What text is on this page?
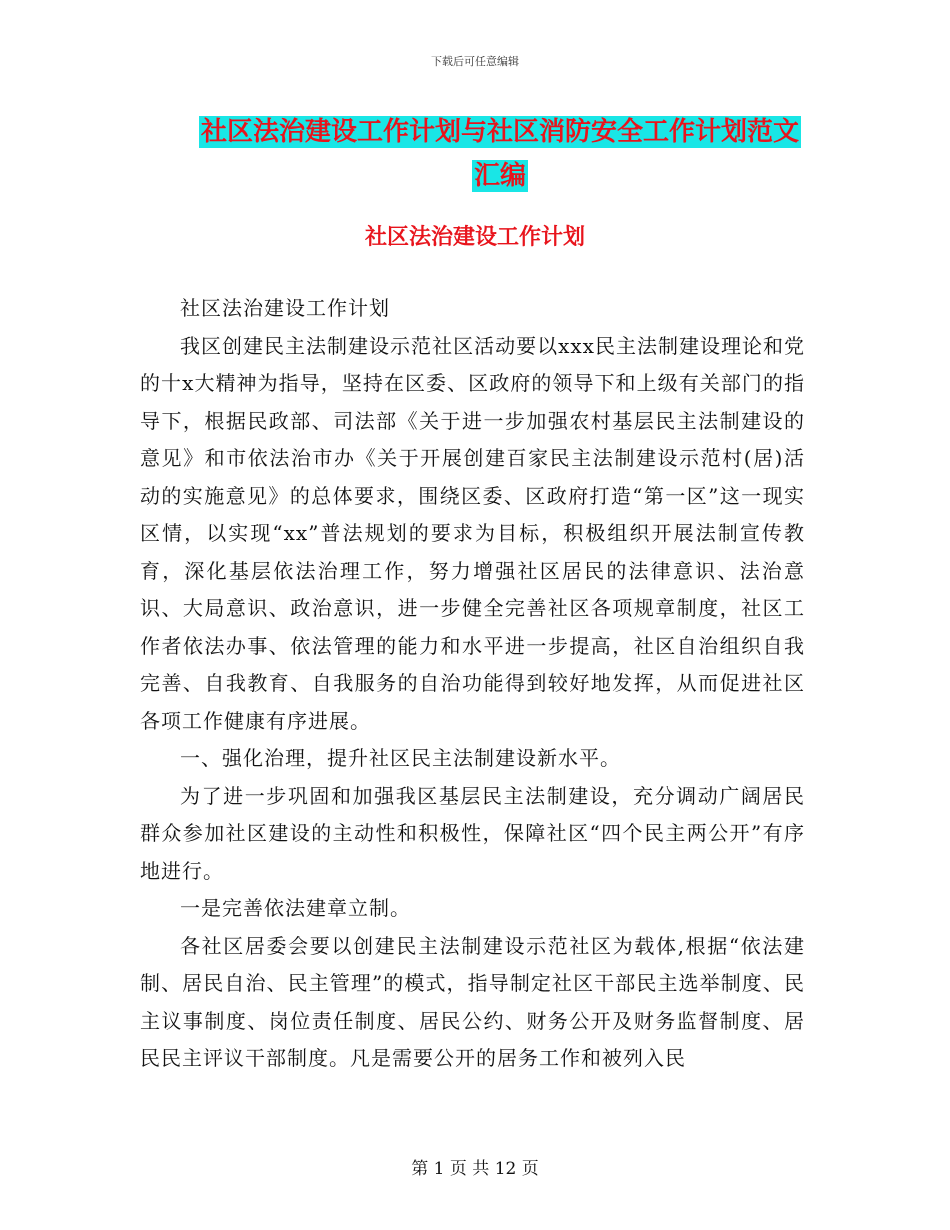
下载后可任意编辑
社区法治建设工作计划与社区消防安全工作计划范文
汇编
社区法治建设工作计划

社区法治建设工作计划

我区创建民主法制建设示范社区活动要以xxx民主法制建设理论和党的十x大精神为指导，坚持在区委、区政府的领导下和上级有关部门的指导下，根据民政部、司法部《关于进一步加强农村基层民主法制建设的意见》和市依法治市办《关于开展创建百家民主法制建设示范村(居)活动的实施意见》的总体要求，围绕区委、区政府打造“第一区”这一现实区情，以实现“xx”普法规划的要求为目标，积极组织开展法制宣传教育，深化基层依法治理工作，努力增强社区居民的法律意识、法治意识、大局意识、政治意识，进一步健全完善社区各项规章制度，社区工作者依法办事、依法管理的能力和水平进一步提高，社区自治组织自我完善、自我教育、自我服务的自治功能得到较好地发挥，从而促进社区各项工作健康有序进展。

一、强化治理，提升社区民主法制建设新水平。

为了进一步巩固和加强我区基层民主法制建设，充分调动广阔居民群众参加社区建设的主动性和积极性，保障社区“四个民主两公开”有序地进行。

一是完善依法建章立制。

各社区居委会要以创建民主法制建设示范社区为载体,根据“依法建制、居民自治、民主管理”的模式，指导制定社区干部民主选举制度、民主议事制度、岗位责任制度、居民公约、财务公开及财务监督制度、居民民主评议干部制度。凡是需要公开的居务工作和被列入民

第 1 页 共 12 页
